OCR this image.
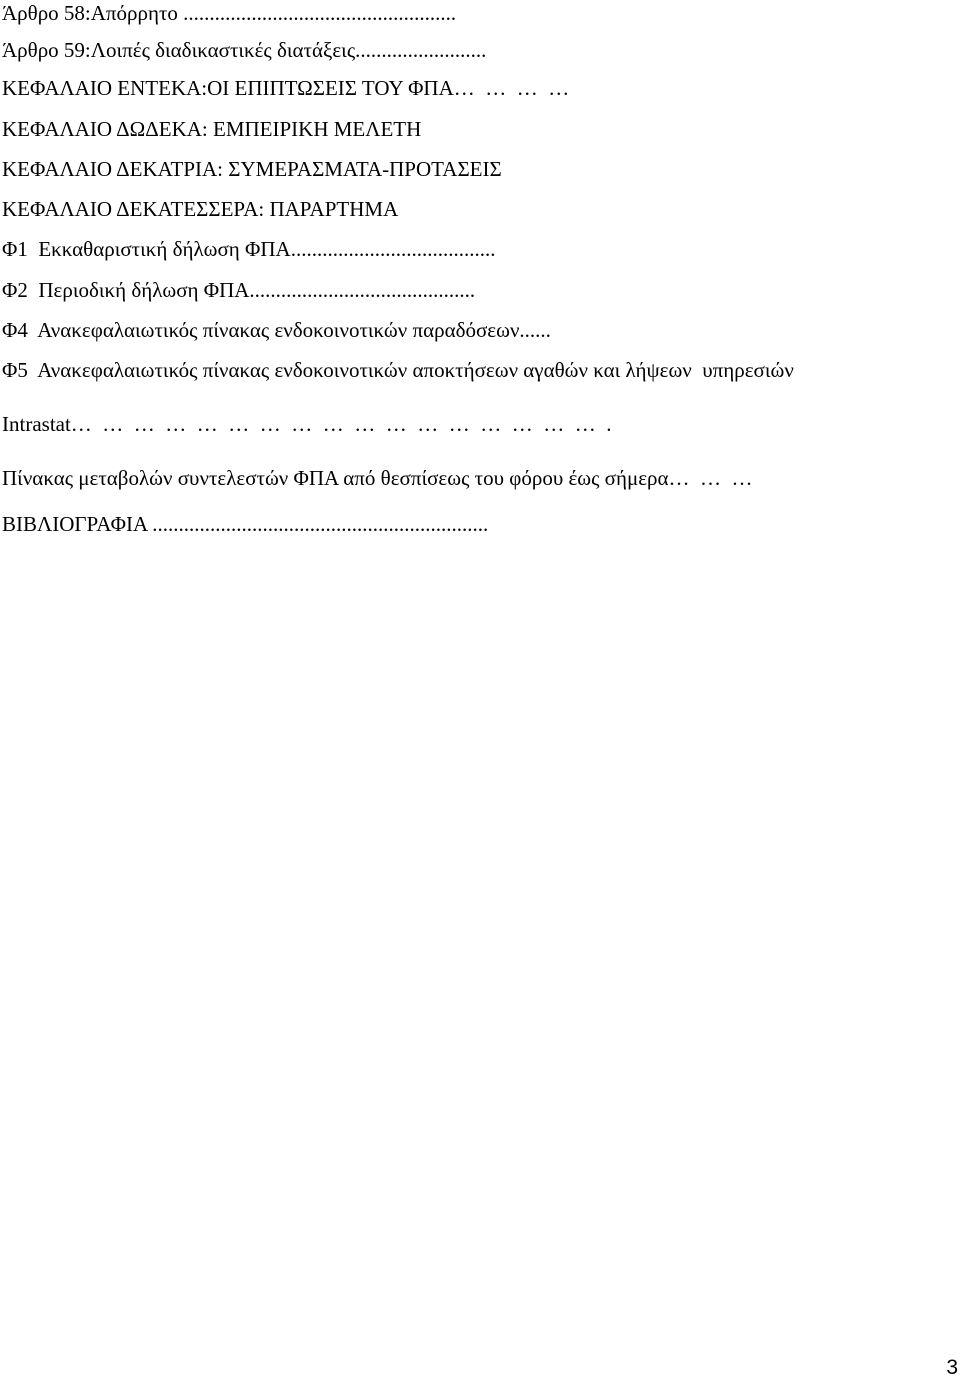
Άρθρο 58:Απόρρητο ....................................................

Άρθρο 59:Λοιπές διαδικαστικές διατάξεις.........................

ΚΕΦΑΛΑΙΟ ΕΝΤΕΚΑ:ΟΙ ΕΠΙΠΤΩΣΕΙΣ ΤΟΥ ΦΠΑ…  …  …  …

ΚΕΦΑΛΑΙΟ ΔΩΔΕΚΑ: ΕΜΠΕΙΡΙΚΗ ΜΕΛΕΤΗ

ΚΕΦΑΛΑΙΟ ΔΕΚΑΤΡΙΑ: ΣΥΜΕΡΑΣΜΑΤΑ-ΠΡΟΤΑΣΕΙΣ

ΚΕΦΑΛΑΙΟ ΔΕΚΑΤΕΣΣΕΡΑ: ΠΑΡΑΡΤΗΜΑ

Φ1  Εκκαθαριστική δήλωση ΦΠΑ.......................................

Φ2  Περιοδική δήλωση ΦΠΑ...........................................

Φ4  Ανακεφαλαιωτικός πίνακας ενδοκοινοτικών παραδόσεων......

Φ5  Ανακεφαλαιωτικός πίνακας ενδοκοινοτικών αποκτήσεων αγαθών και λήψεων  υπηρεσιών

Intrastat…  …  …  …  …  …  …  …  …  …  …  …  …  …  …  …  …  .

Πίνακας μεταβολών συντελεστών ΦΠΑ από θεσπίσεως του φόρου έως σήμερα…  …  …

ΒΙΒΛΙΟΓΡΑΦΙΑ ................................................................

3
